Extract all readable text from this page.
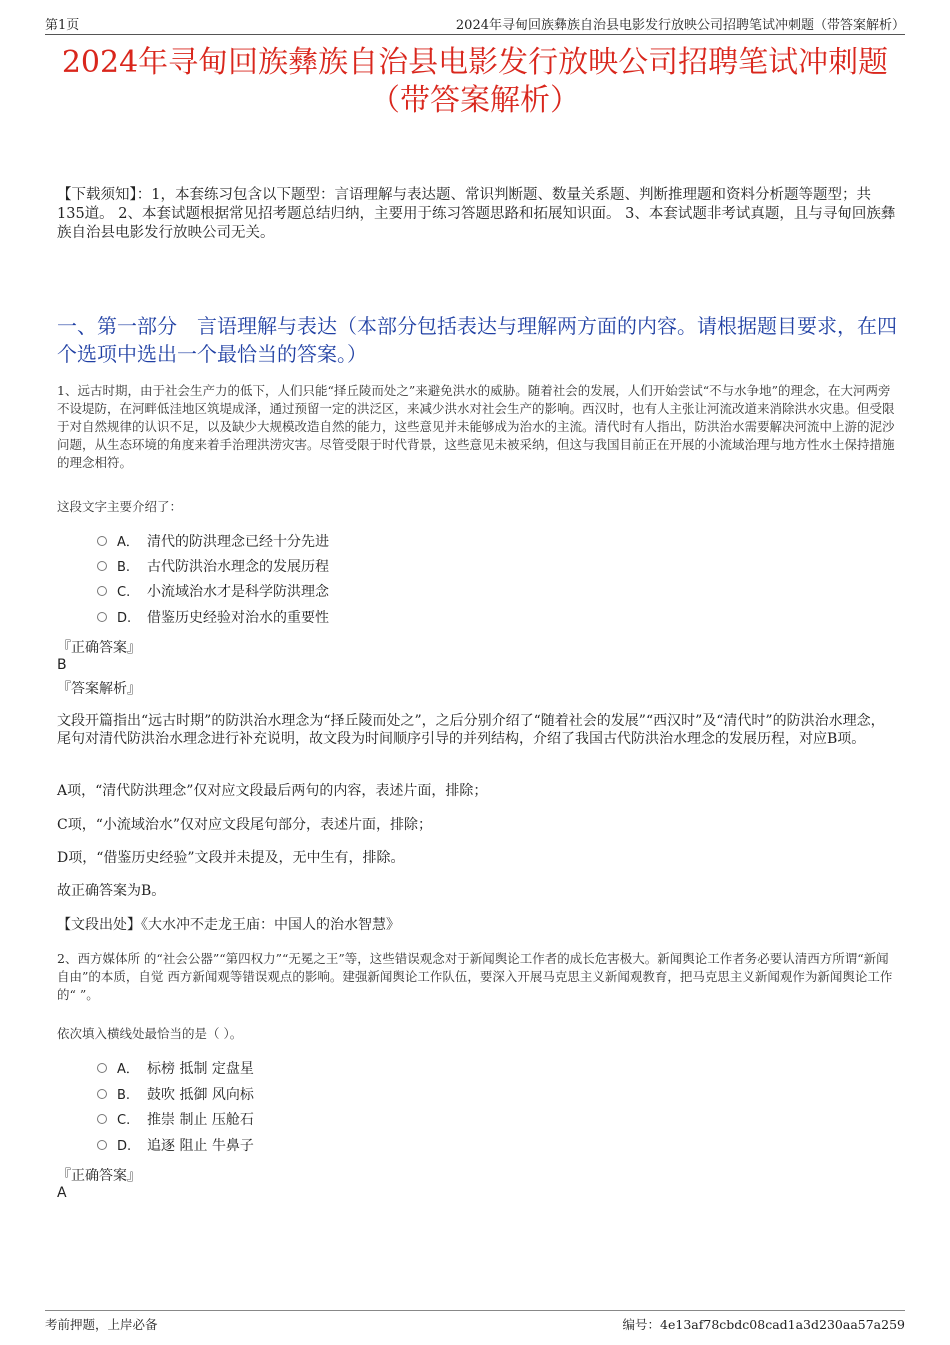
第1页	2024年寻甸回族彝族自治县电影发行放映公司招聘笔试冲刺题（带答案解析）
2024年寻甸回族彝族自治县电影发行放映公司招聘笔试冲刺题
（带答案解析）
【下载须知】：1，本套练习包含以下题型：言语理解与表达题、常识判断题、数量关系题、判断推理题和资料分析题等题型；共135道。 2、本套试题根据常见招考题总结归纳，主要用于练习答题思路和拓展知识面。 3、本套试题非考试真题，且与寻甸回族彝族自治县电影发行放映公司无关。
一、第一部分　言语理解与表达（本部分包括表达与理解两方面的内容。请根据题目要求，在四个选项中选出一个最恰当的答案。）
1、远古时期，由于社会生产力的低下，人们只能“择丘陵而处之”来避免洪水的威胁。随着社会的发展，人们开始尝试“不与水争地”的理念，在大河两旁不设堤防，在河畔低洼地区筑堤成泽，通过预留一定的洪泛区，来减少洪水对社会生产的影响。西汉时，也有人主张让河流改道来消除洪水灾患。但受限于对自然规律的认识不足，以及缺少大规模改造自然的能力，这些意见并未能够成为治水的主流。清代时有人指出，防洪治水需要解决河流中上游的泥沙问题，从生态环境的角度来着手治理洪涝灾害。尽管受限于时代背景，这些意见未被采纳，但这与我国目前正在开展的小流域治理与地方性水土保持措施的理念相符。
这段文字主要介绍了：
A． 清代的防洪理念已经十分先进
B. 古代防洪治水理念的发展历程
C. 小流域治水才是科学防洪理念
D. 借鉴历史经验对治水的重要性
『正确答案』
B
『答案解析』
文段开篇指出“远古时期”的防洪治水理念为“择丘陵而处之”，之后分别介绍了“随着社会的发展”“西汉时”及“清代时”的防洪治水理念，尾句对清代防洪治水理念进行补充说明，故文段为时间顺序引导的并列结构，介绍了我国古代防洪治水理念的发展历程，对应B项。
A项，“清代防洪理念”仅对应文段最后两句的内容，表述片面，排除；
C项，“小流域治水”仅对应文段尾句部分，表述片面，排除；
D项，“借鉴历史经验”文段并未提及，无中生有，排除。
故正确答案为B。
【文段出处】《大水冲不走龙王庙：中国人的治水智慧》
2、西方媒体所 的“社会公器”“第四权力”“无冕之王”等，这些错误观念对于新闻舆论工作者的成长危害极大。新闻舆论工作者务必要认清西方所谓“新闻自由”的本质，自觉 西方新闻观等错误观点的影响。建强新闻舆论工作队伍，要深入开展马克思主义新闻观教育，把马克思主义新闻观作为新闻舆论工作的“ ”。
依次填入横线处最恰当的是（ ）。
A． 标榜 抵制 定盘星
B. 鼓吹 抵御 风向标
C. 推崇 制止 压舱石
D. 追逐 阻止 牛鼻子
『正确答案』
A
考前押题，上岸必备	编号：4e13af78cbdc08cad1a3d230aa57a259
